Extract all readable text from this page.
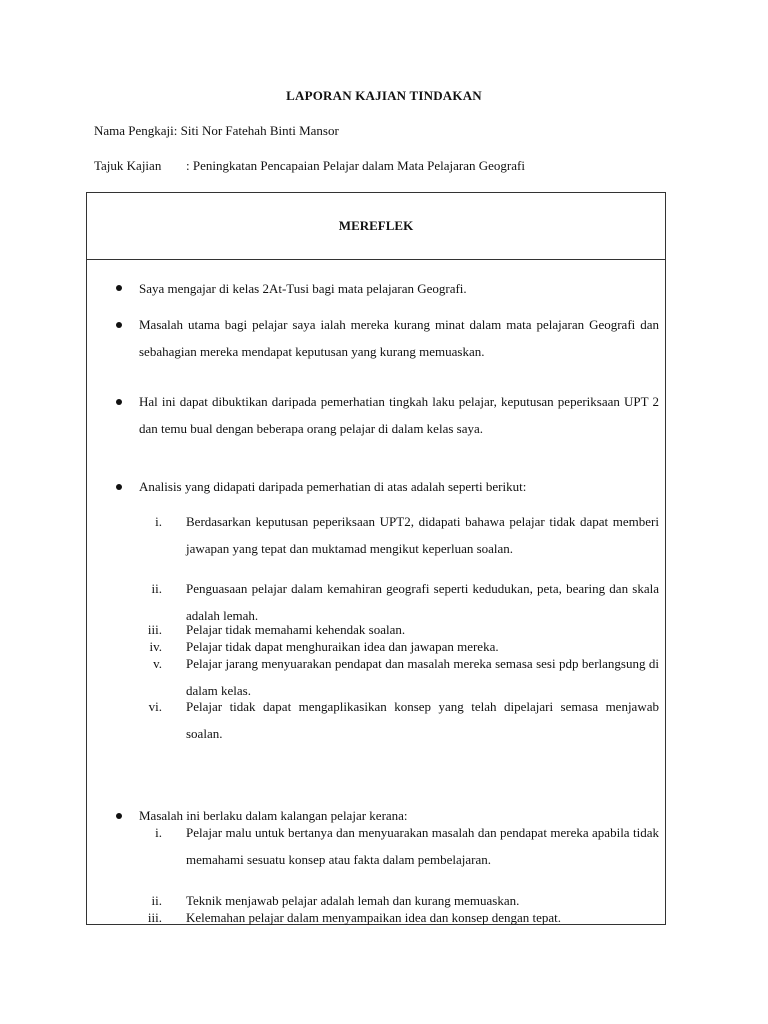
LAPORAN KAJIAN TINDAKAN
Nama Pengkaji: Siti Nor Fatehah Binti Mansor
Tajuk Kajian : Peningkatan Pencapaian Pelajar dalam Mata Pelajaran Geografi
MEREFLEK
Saya mengajar di kelas 2At-Tusi bagi mata pelajaran Geografi.
Masalah utama bagi pelajar saya ialah mereka kurang minat dalam mata pelajaran Geografi dan sebahagian mereka mendapat keputusan yang kurang memuaskan.
Hal ini dapat dibuktikan daripada pemerhatian tingkah laku pelajar, keputusan peperiksaan UPT 2 dan temu bual dengan beberapa orang pelajar di dalam kelas saya.
Analisis yang didapati daripada pemerhatian di atas adalah seperti berikut:
i. Berdasarkan keputusan peperiksaan UPT2, didapati bahawa pelajar tidak dapat memberi jawapan yang tepat dan muktamad mengikut keperluan soalan.
ii. Penguasaan pelajar dalam kemahiran geografi seperti kedudukan, peta, bearing dan skala adalah lemah.
iii. Pelajar tidak memahami kehendak soalan.
iv. Pelajar tidak dapat menghuraikan idea dan jawapan mereka.
v. Pelajar jarang menyuarakan pendapat dan masalah mereka semasa sesi pdp berlangsung di dalam kelas.
vi. Pelajar tidak dapat mengaplikasikan konsep yang telah dipelajari semasa menjawab soalan.
Masalah ini berlaku dalam kalangan pelajar kerana:
i. Pelajar malu untuk bertanya dan menyuarakan masalah dan pendapat mereka apabila tidak memahami sesuatu konsep atau fakta dalam pembelajaran.
ii. Teknik menjawab pelajar adalah lemah dan kurang memuaskan.
iii. Kelemahan pelajar dalam menyampaikan idea dan konsep dengan tepat.
